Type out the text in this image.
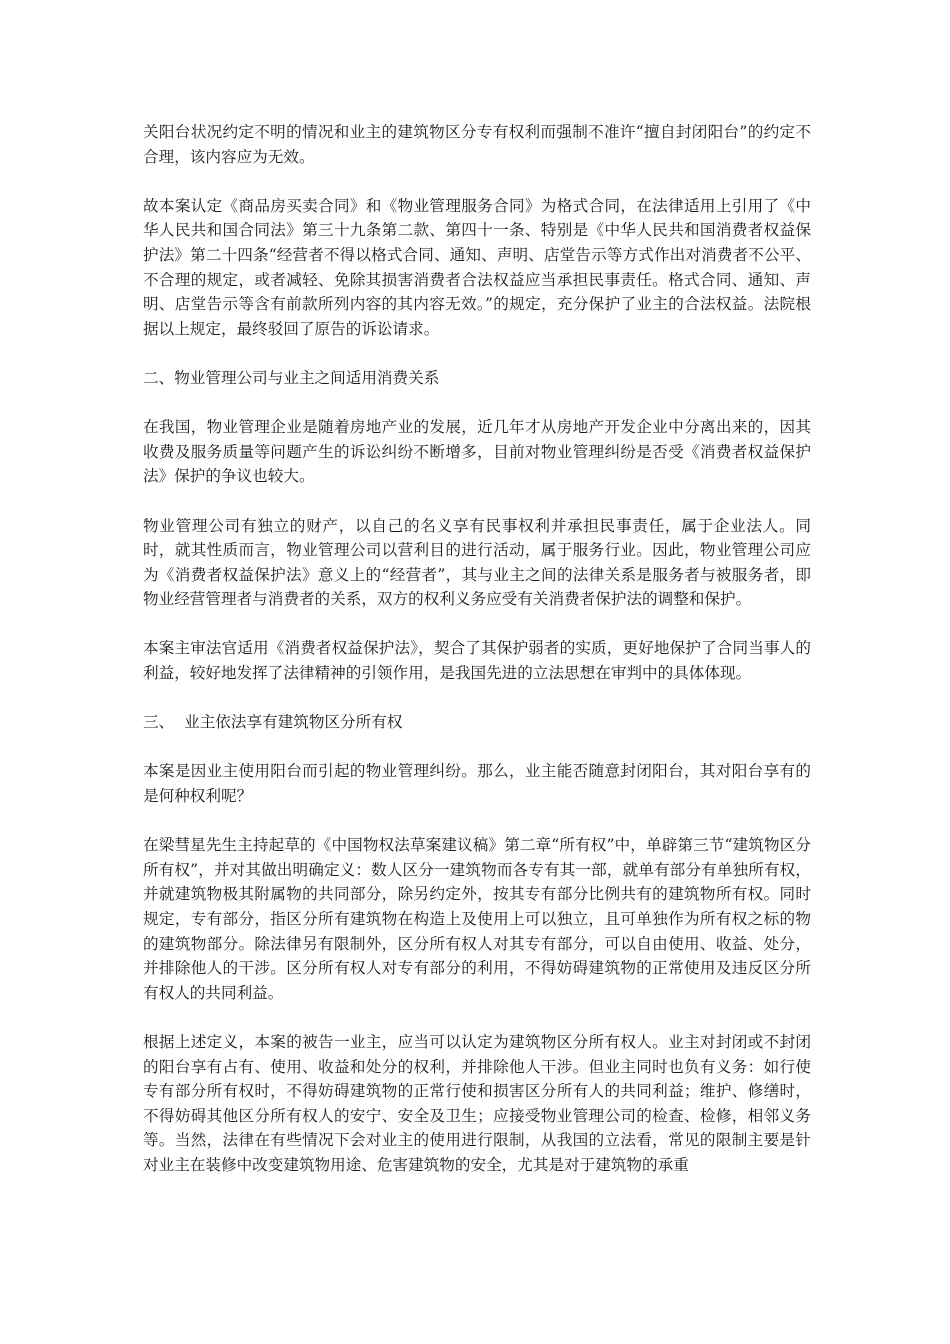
关阳台状况约定不明的情况和业主的建筑物区分专有权利而强制不准许“擅自封闭阳台”的约定不合理，该内容应为无效。

故本案认定《商品房买卖合同》和《物业管理服务合同》为格式合同，在法律适用上引用了《中华人民共和国合同法》第三十九条第二款、第四十一条、特别是《中华人民共和国消费者权益保护法》第二十四条“经营者不得以格式合同、通知、声明、店堂告示等方式作出对消费者不公平、不合理的规定，或者减轻、免除其损害消费者合法权益应当承担民事责任。格式合同、通知、声明、店堂告示等含有前款所列内容的其内容无效。”的规定，充分保护了业主的合法权益。法院根据以上规定，最终驳回了原告的诉讼请求。

二、物业管理公司与业主之间适用消费关系

在我国，物业管理企业是随着房地产业的发展，近几年才从房地产开发企业中分离出来的，因其收费及服务质量等问题产生的诉讼纠纷不断增多，目前对物业管理纠纷是否受《消费者权益保护法》保护的争议也较大。

物业管理公司有独立的财产，以自己的名义享有民事权利并承担民事责任，属于企业法人。同时，就其性质而言，物业管理公司以营利目的进行活动，属于服务行业。因此，物业管理公司应为《消费者权益保护法》意义上的“经营者”，其与业主之间的法律关系是服务者与被服务者，即物业经营管理者与消费者的关系，双方的权利义务应受有关消费者保护法的调整和保护。

本案主审法官适用《消费者权益保护法》，契合了其保护弱者的实质，更好地保护了合同当事人的利益，较好地发挥了法律精神的引领作用，是我国先进的立法思想在审判中的具体体现。

三、  业主依法享有建筑物区分所有权

本案是因业主使用阳台而引起的物业管理纠纷。那么，业主能否随意封闭阳台，其对阳台享有的是何种权利呢？

在梁彗星先生主持起草的《中国物权法草案建议稿》第二章“所有权”中，单辟第三节“建筑物区分所有权”，并对其做出明确定义：数人区分一建筑物而各专有其一部，就单有部分有单独所有权，并就建筑物极其附属物的共同部分，除另约定外，按其专有部分比例共有的建筑物所有权。同时规定，专有部分，指区分所有建筑物在构造上及使用上可以独立，且可单独作为所有权之标的物的建筑物部分。除法律另有限制外，区分所有权人对其专有部分，可以自由使用、收益、处分，并排除他人的干涉。区分所有权人对专有部分的利用，不得妨碍建筑物的正常使用及违反区分所有权人的共同利益。

根据上述定义，本案的被告一业主，应当可以认定为建筑物区分所有权人。业主对封闭或不封闭的阳台享有占有、使用、收益和处分的权利，并排除他人干涉。但业主同时也负有义务：如行使专有部分所有权时，不得妨碍建筑物的正常行使和损害区分所有人的共同利益；维护、修缮时，不得妨碍其他区分所有权人的安宁、安全及卫生；应接受物业管理公司的检查、检修，相邻义务等。当然，法律在有些情况下会对业主的使用进行限制，从我国的立法看，常见的限制主要是针对业主在装修中改变建筑物用途、危害建筑物的安全，尤其是对于建筑物的承重
